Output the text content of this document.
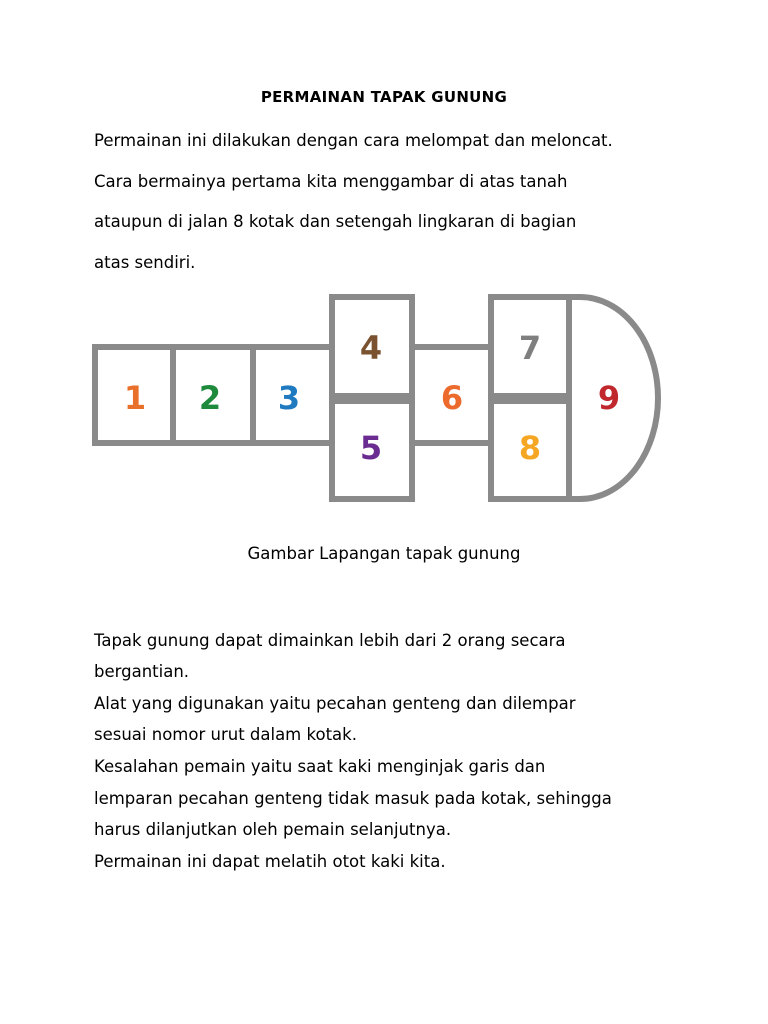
PERMAINAN TAPAK GUNUNG
Permainan ini dilakukan dengan cara melompat dan meloncat.
Cara bermainya pertama kita menggambar di atas tanah
ataupun di jalan 8 kotak dan setengah lingkaran di bagian
atas sendiri.
1 2 3
4
5
6
7
8
9
Gambar Lapangan tapak gunung
Tapak gunung dapat dimainkan lebih dari 2 orang secara
bergantian.
Alat yang digunakan yaitu pecahan genteng dan dilempar
sesuai nomor urut dalam kotak.
Kesalahan pemain yaitu saat kaki menginjak garis dan
lemparan pecahan genteng tidak masuk pada kotak, sehingga
harus dilanjutkan oleh pemain selanjutnya.
Permainan ini dapat melatih otot kaki kita.
